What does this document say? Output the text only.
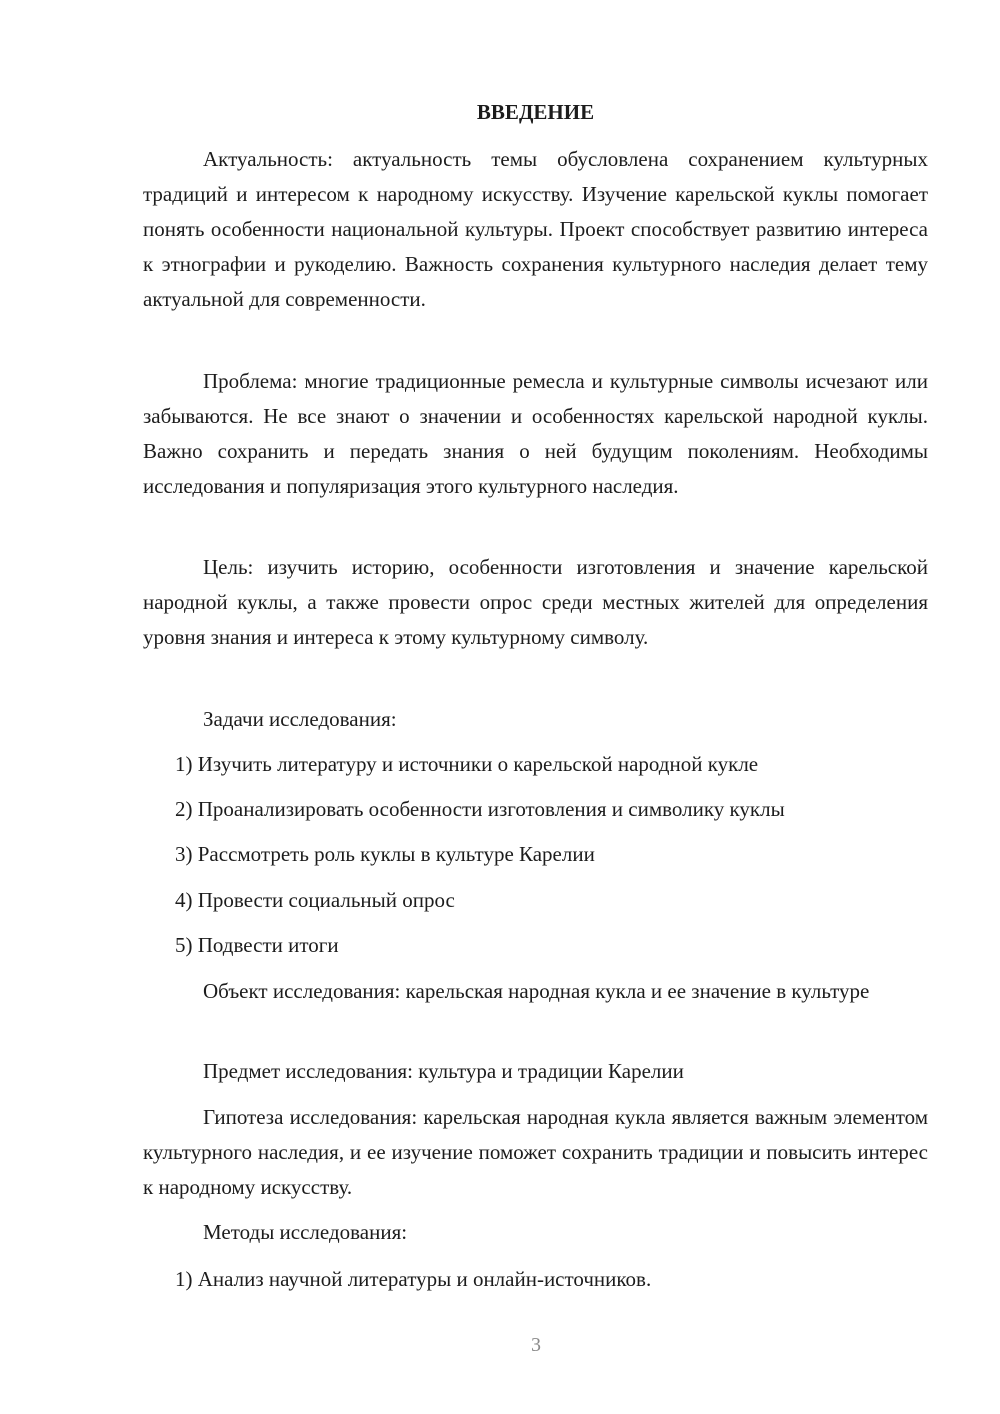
ВВЕДЕНИЕ

Актуальность: актуальность темы обусловлена сохранением культурных традиций и интересом к народному искусству. Изучение карельской куклы помогает понять особенности национальной культуры. Проект способствует развитию интереса к этнографии и рукоделию. Важность сохранения культурного наследия делает тему актуальной для современности.

Проблема: многие традиционные ремесла и культурные символы исчезают или забываются. Не все знают о значении и особенностях карельской народной куклы. Важно сохранить и передать знания о ней будущим поколениям. Необходимы исследования и популяризация этого культурного наследия.

Цель: изучить историю, особенности изготовления и значение карельской народной куклы, а также провести опрос среди местных жителей для определения уровня знания и интереса к этому культурному символу.

Задачи исследования:

1) Изучить литературу и источники о карельской народной кукле

2) Проанализировать особенности изготовления и символику куклы

3) Рассмотреть роль куклы в культуре Карелии

4) Провести социальный опрос

5) Подвести итоги

Объект исследования: карельская народная кукла и ее значение в культуре

Предмет исследования: культура и традиции Карелии

Гипотеза исследования: карельская народная кукла является важным элементом культурного наследия, и ее изучение поможет сохранить традиции и повысить интерес к народному искусству.

Методы исследования:

1) Анализ научной литературы и онлайн-источников.

3
